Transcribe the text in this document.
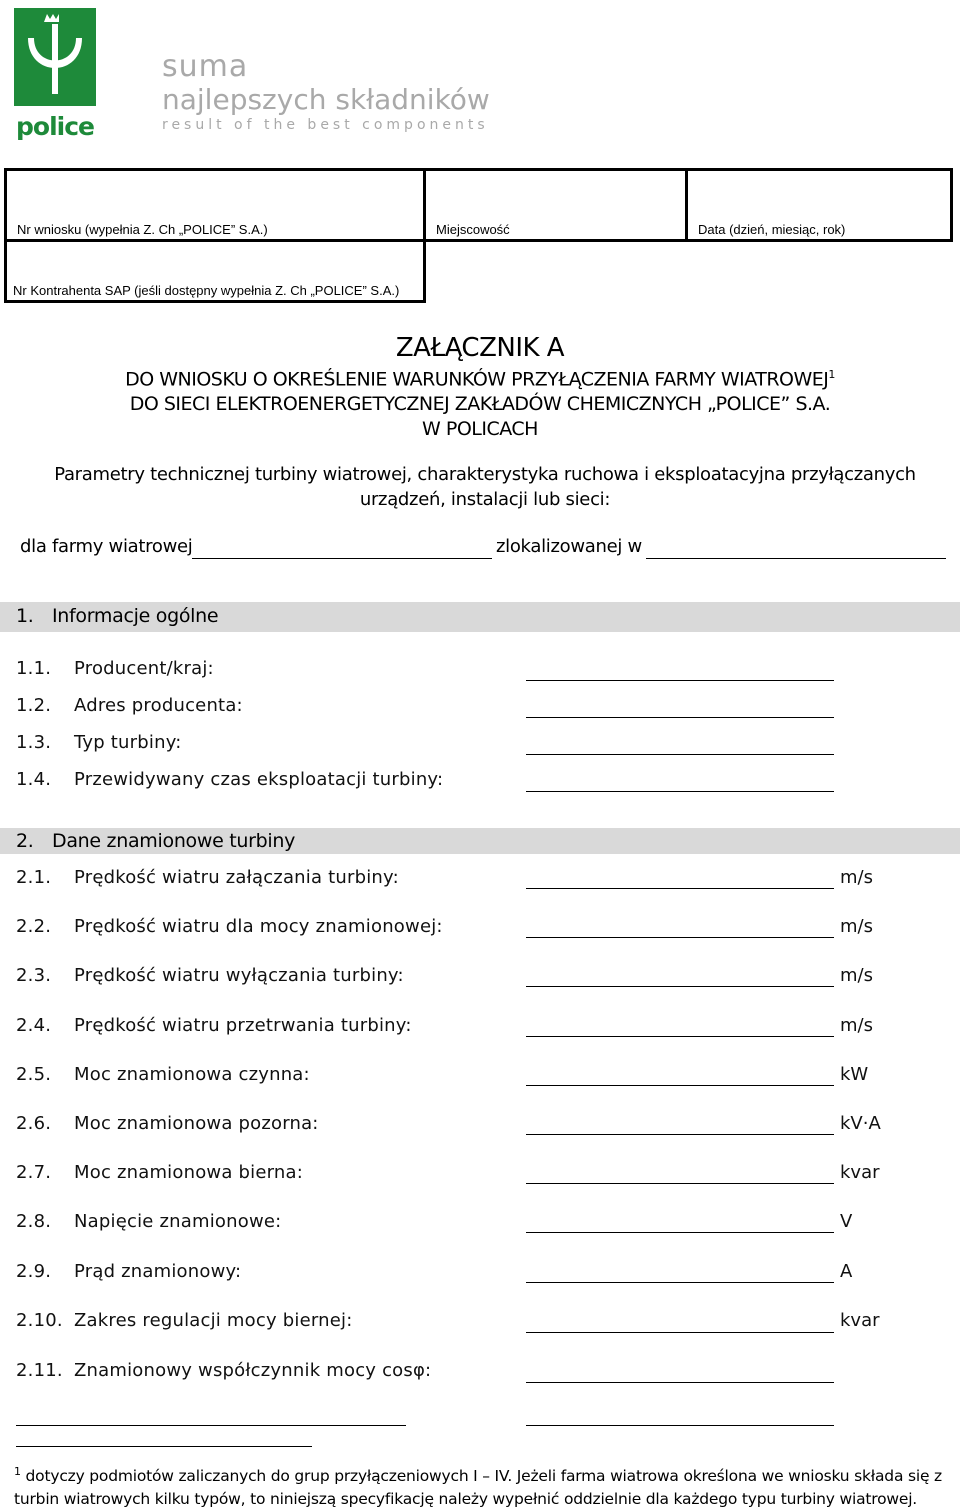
police
suma
najlepszych składników
result of the best components
Nr wniosku (wypełnia Z. Ch „POLICE” S.A.)	Miejscowość	Data (dzień, miesiąc, rok)
Nr Kontrahenta SAP (jeśli dostępny wypełnia Z. Ch „POLICE” S.A.)
ZAŁĄCZNIK A
DO WNIOSKU O OKREŚLENIE WARUNKÓW PRZYŁĄCZENIA FARMY WIATROWEJ$^1$
DO SIECI ELEKTROENERGETYCZNEJ ZAKŁADÓW CHEMICZNYCH „POLICE” S.A.
W POLICACH
Parametry technicznej turbiny wiatrowej, charakterystyka ruchowa i eksploatacyjna przyłączanych urządzeń, instalacji lub sieci:
dla farmy wiatrowej	zlokalizowanej w
1. Informacje ogólne
1.1. Producent/kraj:
1.2. Adres producenta:
1.3. Typ turbiny:
1.4. Przewidywany czas eksploatacji turbiny:
2. Dane znamionowe turbiny
2.1. Prędkość wiatru załączania turbiny:	m/s
2.2. Prędkość wiatru dla mocy znamionowej:	m/s
2.3. Prędkość wiatru wyłączania turbiny:	m/s
2.4. Prędkość wiatru przetrwania turbiny:	m/s
2.5. Moc znamionowa czynna:	kW
2.6. Moc znamionowa pozorna:	kV·A
2.7. Moc znamionowa bierna:	kvar
2.8. Napięcie znamionowe:	V
2.9. Prąd znamionowy:	A
2.10. Zakres regulacji mocy biernej:	kvar
2.11. Znamionowy współczynnik mocy cosφ:
$^1$ dotyczy podmiotów zaliczanych do grup przyłączeniowych I – IV. Jeżeli farma wiatrowa określona we wniosku składa się z turbin wiatrowych kilku typów, to niniejszą specyfikację należy wypełnić oddzielnie dla każdego typu turbiny wiatrowej.
